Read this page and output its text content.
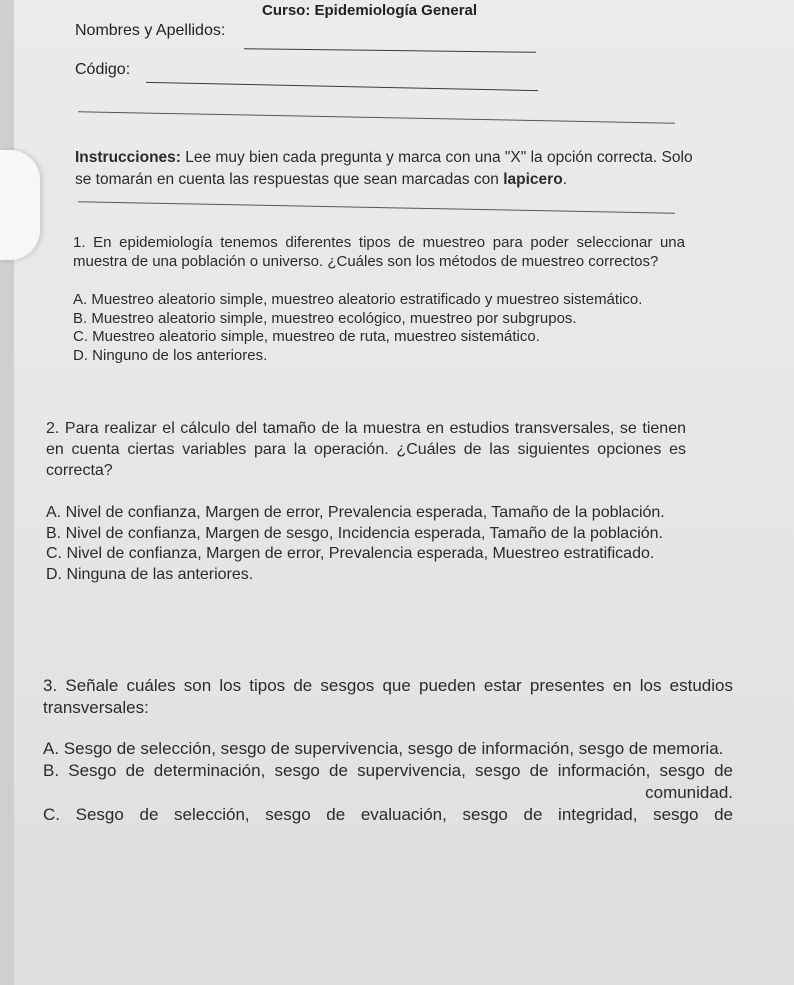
Curso: Epidemiología General
Nombres y Apellidos:
Código:
Instrucciones: Lee muy bien cada pregunta y marca con una "X" la opción correcta. Solo se tomarán en cuenta las respuestas que sean marcadas con lapicero.

1. En epidemiología tenemos diferentes tipos de muestreo para poder seleccionar una muestra de una población o universo. ¿Cuáles son los métodos de muestreo correctos?

A. Muestreo aleatorio simple, muestreo aleatorio estratificado y muestreo sistemático.

B. Muestreo aleatorio simple, muestreo ecológico, muestreo por subgrupos.

C. Muestreo aleatorio simple, muestreo de ruta, muestreo sistemático.

D. Ninguno de los anteriores.

2. Para realizar el cálculo del tamaño de la muestra en estudios transversales, se tienen en cuenta ciertas variables para la operación. ¿Cuáles de las siguientes opciones es correcta?

A. Nivel de confianza, Margen de error, Prevalencia esperada, Tamaño de la población.

B. Nivel de confianza, Margen de sesgo, Incidencia esperada, Tamaño de la población.

C. Nivel de confianza, Margen de error, Prevalencia esperada, Muestreo estratificado.

D. Ninguna de las anteriores.

3. Señale cuáles son los tipos de sesgos que pueden estar presentes en los estudios transversales:

A. Sesgo de selección, sesgo de supervivencia, sesgo de información, sesgo de memoria.

B. Sesgo de determinación, sesgo de supervivencia, sesgo de información, sesgo de

comunidad.

C. Sesgo de selección, sesgo de evaluación, sesgo de integridad, sesgo de
